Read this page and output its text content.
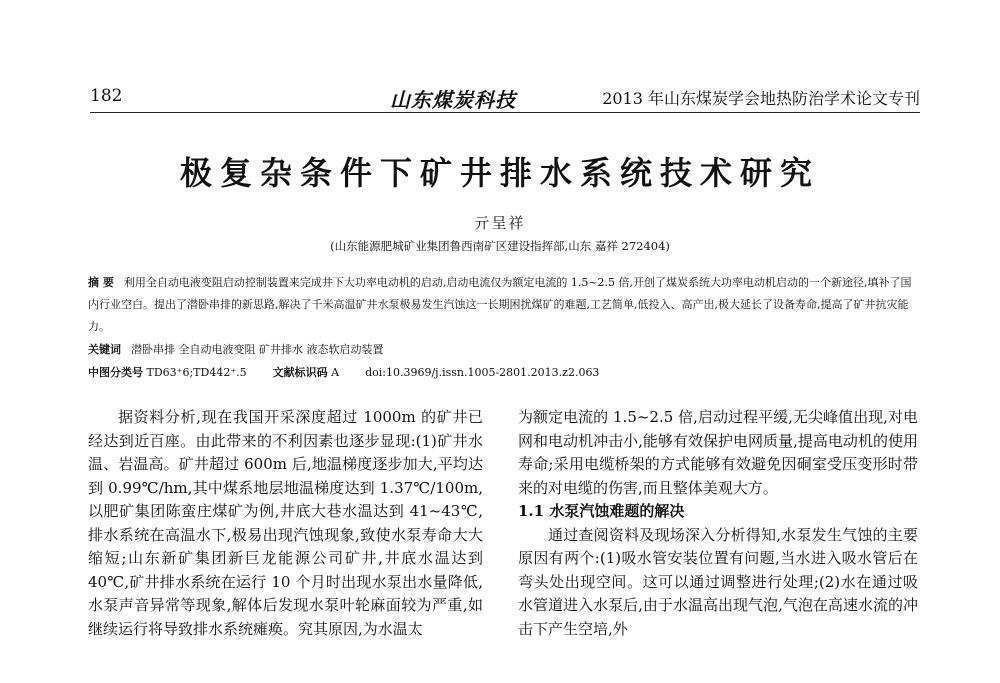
182	山东煤炭科技	2013 年山东煤炭学会地热防治学术论文专刊
极复杂条件下矿井排水系统技术研究
亓呈祥
(山东能源肥城矿业集团鲁西南矿区建设指挥部,山东 嘉祥 272404)
摘 要 利用全自动电液变阻启动控制装置来完成井下大功率电动机的启动,启动电流仅为额定电流的 1.5~2.5 倍,开创了煤炭系统大功率电动机启动的一个新途径,填补了国内行业空白。提出了潜卧串排的新思路,解决了千米高温矿井水泵极易发生汽蚀这一长期困扰煤矿的难题,工艺简单,低投入、高产出,极大延长了设备寿命,提高了矿井抗灾能力。
关键词 潜卧串排 全自动电液变阻 矿井排水 液态软启动装置
中图分类号 TD63⁺6;TD442⁺.5 文献标识码 A doi:10.3969/j.issn.1005-2801.2013.z2.063

据资料分析,现在我国开采深度超过 1000m 的矿井已经达到近百座。由此带来的不利因素也逐步显现:(1)矿井水温、岩温高。矿井超过 600m 后,地温梯度逐步加大,平均达到 0.99℃/hm,其中煤系地层地温梯度达到 1.37℃/100m,以肥矿集团陈蛮庄煤矿为例,井底大巷水温达到 41~43℃,排水系统在高温水下,极易出现汽蚀现象,致使水泵寿命大大缩短;山东新矿集团新巨龙能源公司矿井,井底水温达到 40℃,矿井排水系统在运行 10 个月时出现水泵出水量降低,水泵声音异常等现象,解体后发现水泵叶轮麻面较为严重,如继续运行将导致排水系统瘫痪。究其原因,为水温太

为额定电流的 1.5~2.5 倍,启动过程平缓,无尖峰值出现,对电网和电动机冲击小,能够有效保护电网质量,提高电动机的使用寿命;采用电缆桥架的方式能够有效避免因硐室受压变形时带来的对电缆的伤害,而且整体美观大方。

1.1 水泵汽蚀难题的解决

通过查阅资料及现场深入分析得知,水泵发生气蚀的主要原因有两个:(1)吸水管安装位置有问题,当水进入吸水管后在弯头处出现空间。这可以通过调整进行处理;(2)水在通过吸水管道进入水泵后,由于水温高出现气泡,气泡在高速水流的冲击下产生空培,外
